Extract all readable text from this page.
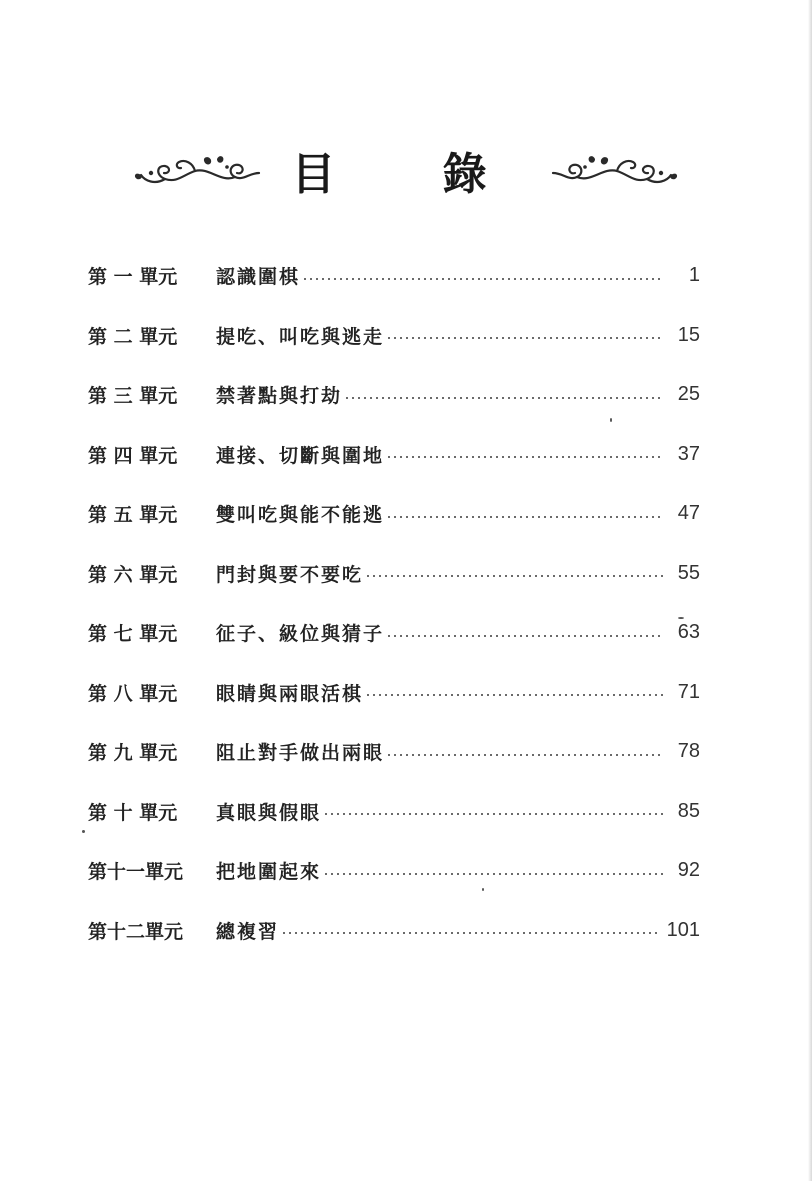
目 錄
第 一 單元	認識圍棋	1
第 二 單元	提吃、叫吃與逃走	15
第 三 單元	禁著點與打劫	25
第 四 單元	連接、切斷與圍地	37
第 五 單元	雙叫吃與能不能逃	47
第 六 單元	門封與要不要吃	55
第 七 單元	征子、級位與猜子	63
第 八 單元	眼睛與兩眼活棋	71
第 九 單元	阻止對手做出兩眼	78
第 十 單元	真眼與假眼	85
第十一單元	把地圍起來	92
第十二單元	總複習	101
